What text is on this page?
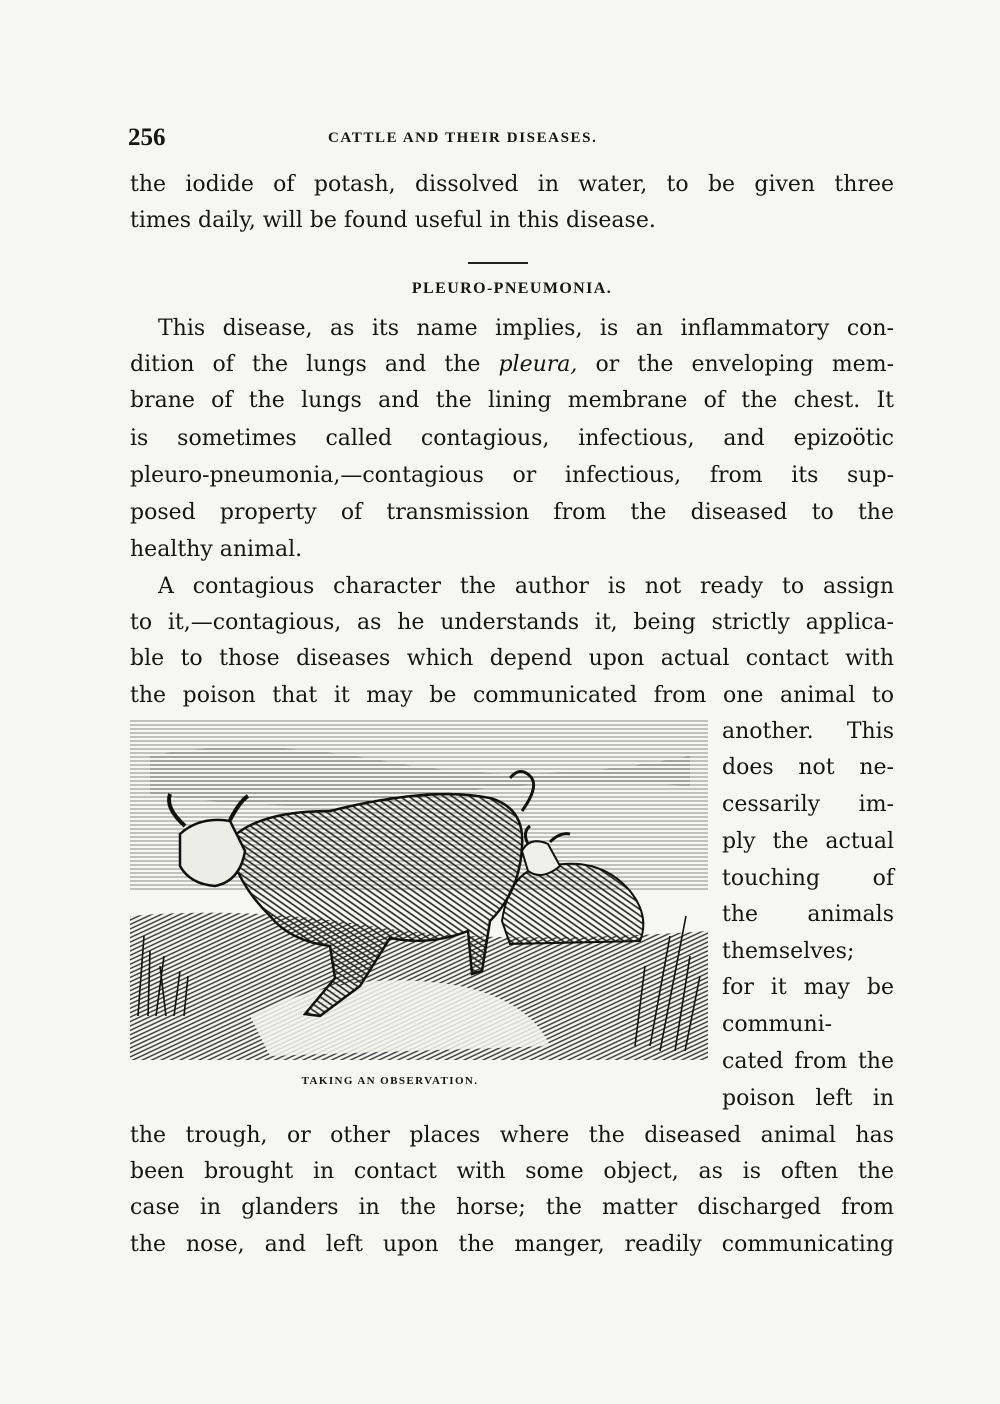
256	CATTLE AND THEIR DISEASES.
the iodide of potash, dissolved in water, to be given three
times daily, will be found useful in this disease.
PLEURO-PNEUMONIA.
This disease, as its name implies, is an inflammatory con-
dition of the lungs and the pleura, or the enveloping mem-
brane of the lungs and the lining membrane of the chest. It
is sometimes called contagious, infectious, and epizoötic
pleuro-pneumonia,—contagious or infectious, from its sup-
posed property of transmission from the diseased to the
healthy animal.
A contagious character the author is not ready to assign
to it,—contagious, as he understands it, being strictly applica-
ble to those diseases which depend upon actual contact with
the poison that it may be communicated from one animal to
TAKING AN OBSERVATION.
another. This
does not ne-
cessarily im-
ply the actual
touching of
the animals
themselves;
for it may be
communi-
cated from the
poison left in
the trough, or other places where the diseased animal has
been brought in contact with some object, as is often the
case in glanders in the horse; the matter discharged from
the nose, and left upon the manger, readily communicating
